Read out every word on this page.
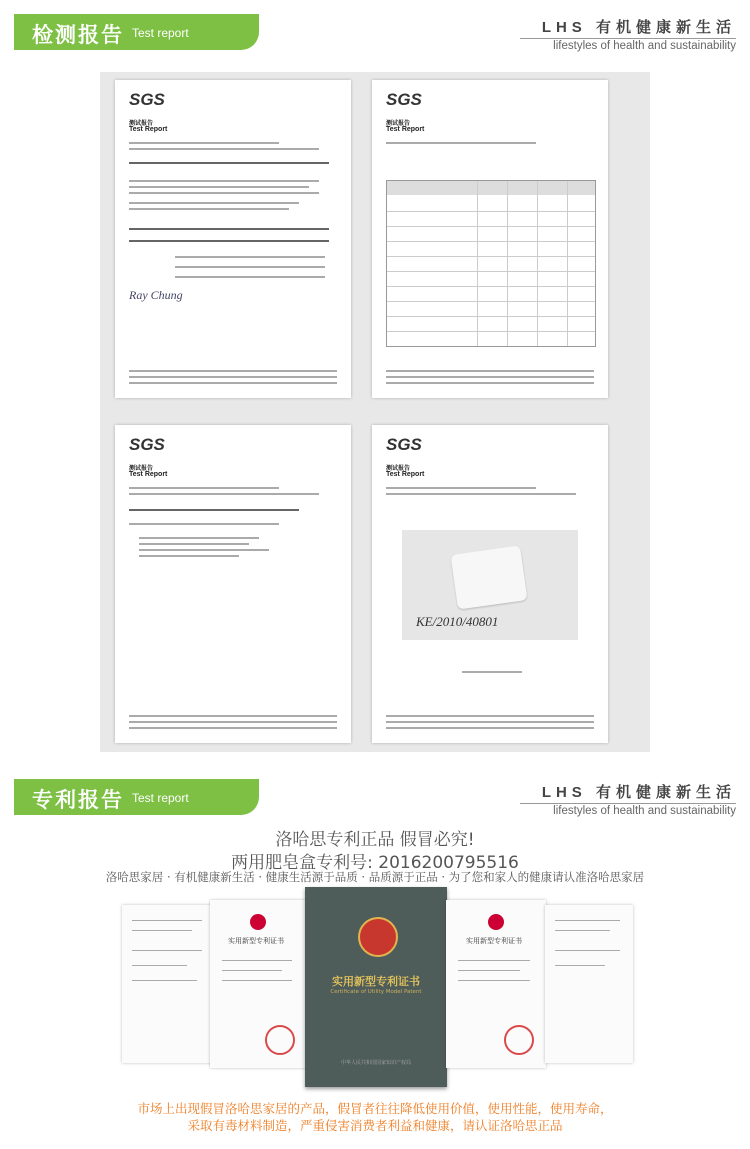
检测报告 Test report	LHS 有机健康新生活
lifestyles of health and sustainability
SGS
测试报告
Test Report
Ray Chung
SGS
测试报告
Test Report
SGS
测试报告
Test Report
SGS
测试报告
Test Report
KE/2010/40801
专利报告 Test report	LHS 有机健康新生活
lifestyles of health and sustainability
洛哈思专利正品 假冒必究!
两用肥皂盒专利号: 2016200795516
洛哈思家居 · 有机健康新生活 · 健康生活源于品质 · 品质源于正品 · 为了您和家人的健康请认准洛哈思家居
实用新型专利证书
实用新型专利证书
Certificate of Utility Model Patent
中华人民共和国国家知识产权局
实用新型专利证书
市场上出现假冒洛哈思家居的产品，假冒者往往降低使用价值，使用性能，使用寿命，
采取有毒材料制造，严重侵害消费者利益和健康，请认证洛哈思正品
